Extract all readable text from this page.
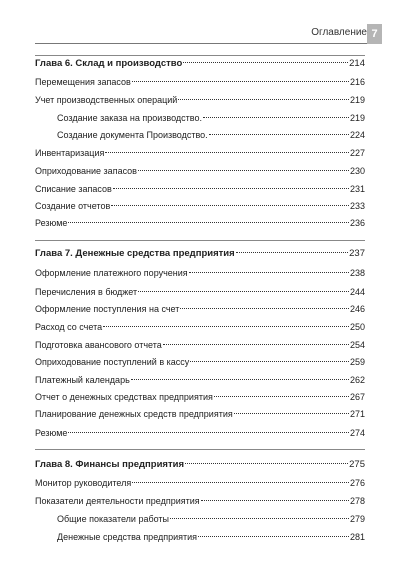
Оглавление 7
Глава 6. Склад и производство	214
Перемещения запасов	216
Учет производственных операций	219
Создание заказа на производство.	219
Создание документа Производство.	224
Инвентаризация	227
Оприходование запасов	230
Списание запасов	231
Создание отчетов	233
Резюме	236
Глава 7. Денежные средства предприятия	237
Оформление платежного поручения	238
Перечисления в бюджет	244
Оформление поступления на счет	246
Расход со счета	250
Подготовка авансового отчета	254
Оприходование поступлений в кассу	259
Платежный календарь	262
Отчет о денежных средствах предприятия	267
Планирование денежных средств предприятия	271
Резюме	274
Глава 8. Финансы предприятия	275
Монитор руководителя	276
Показатели деятельности предприятия	278
Общие показатели работы	279
Денежные средства предприятия	281
